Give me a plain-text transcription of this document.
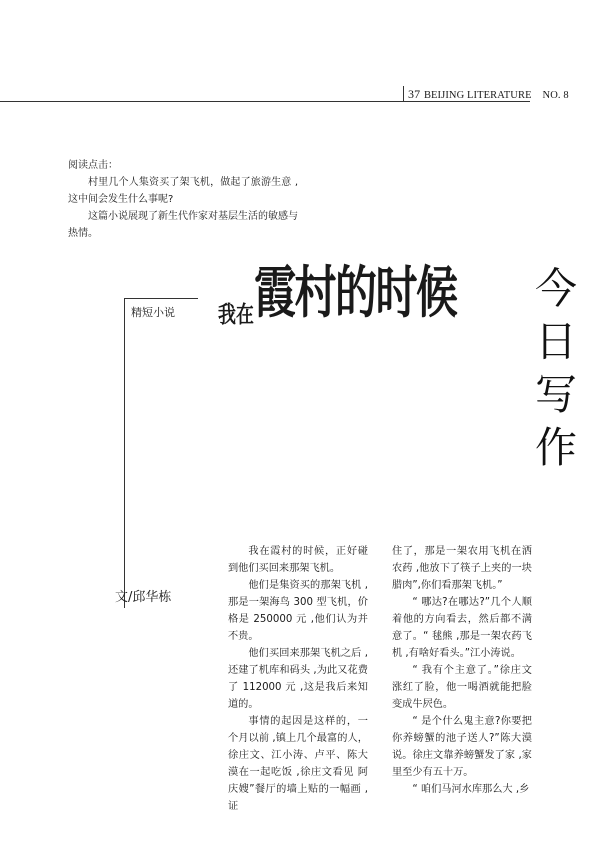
37 BEIJING LITERATURE NO. 8

阅读点击：

村里几个人集资买了架飞机，做起了旅游生意 ,这中间会发生什么事呢?

这篇小说展现了新生代作家对基层生活的敏感与热情。

我在霞村的时候
精短小说	今
日
写
作
文/邱华栋

我在霞村的时候，正好碰到他们买回来那架飞机。

他们是集资买的那架飞机 ,那是一架海鸟 300 型飞机，价格是 250000 元 ,他们认为并不贵。

他们买回来那架飞机之后 ,还建了机库和码头 ,为此又花费了 112000 元 ,这是我后来知道的。

事情的起因是这样的，一个月以前 ,镇上几个最富的人，徐庄文、江小涛、卢平、陈大漠在一起吃饭 ,徐庄文看见 阿庆嫂”餐厅的墙上贴的一幅画 ,证

住了，那是一架农用飞机在洒农药 ,他放下了筷子上夹的一块腊肉”,你们看那架飞机。”

“ 哪达?在哪达?”几个人顺着他的方向看去，然后都不满意了。“ 毬熊 ,那是一架农药飞机 ,有啥好看头。”江小涛说。

“ 我有个主意了。”徐庄文涨红了脸，他一喝酒就能把脸变成牛屄色。

“ 是个什么鬼主意?你要把你养螃蟹的池子送人?”陈大漠说。徐庄文靠养螃蟹发了家 ,家里至少有五十万。

“ 咱们马河水库那么大 ,乡
